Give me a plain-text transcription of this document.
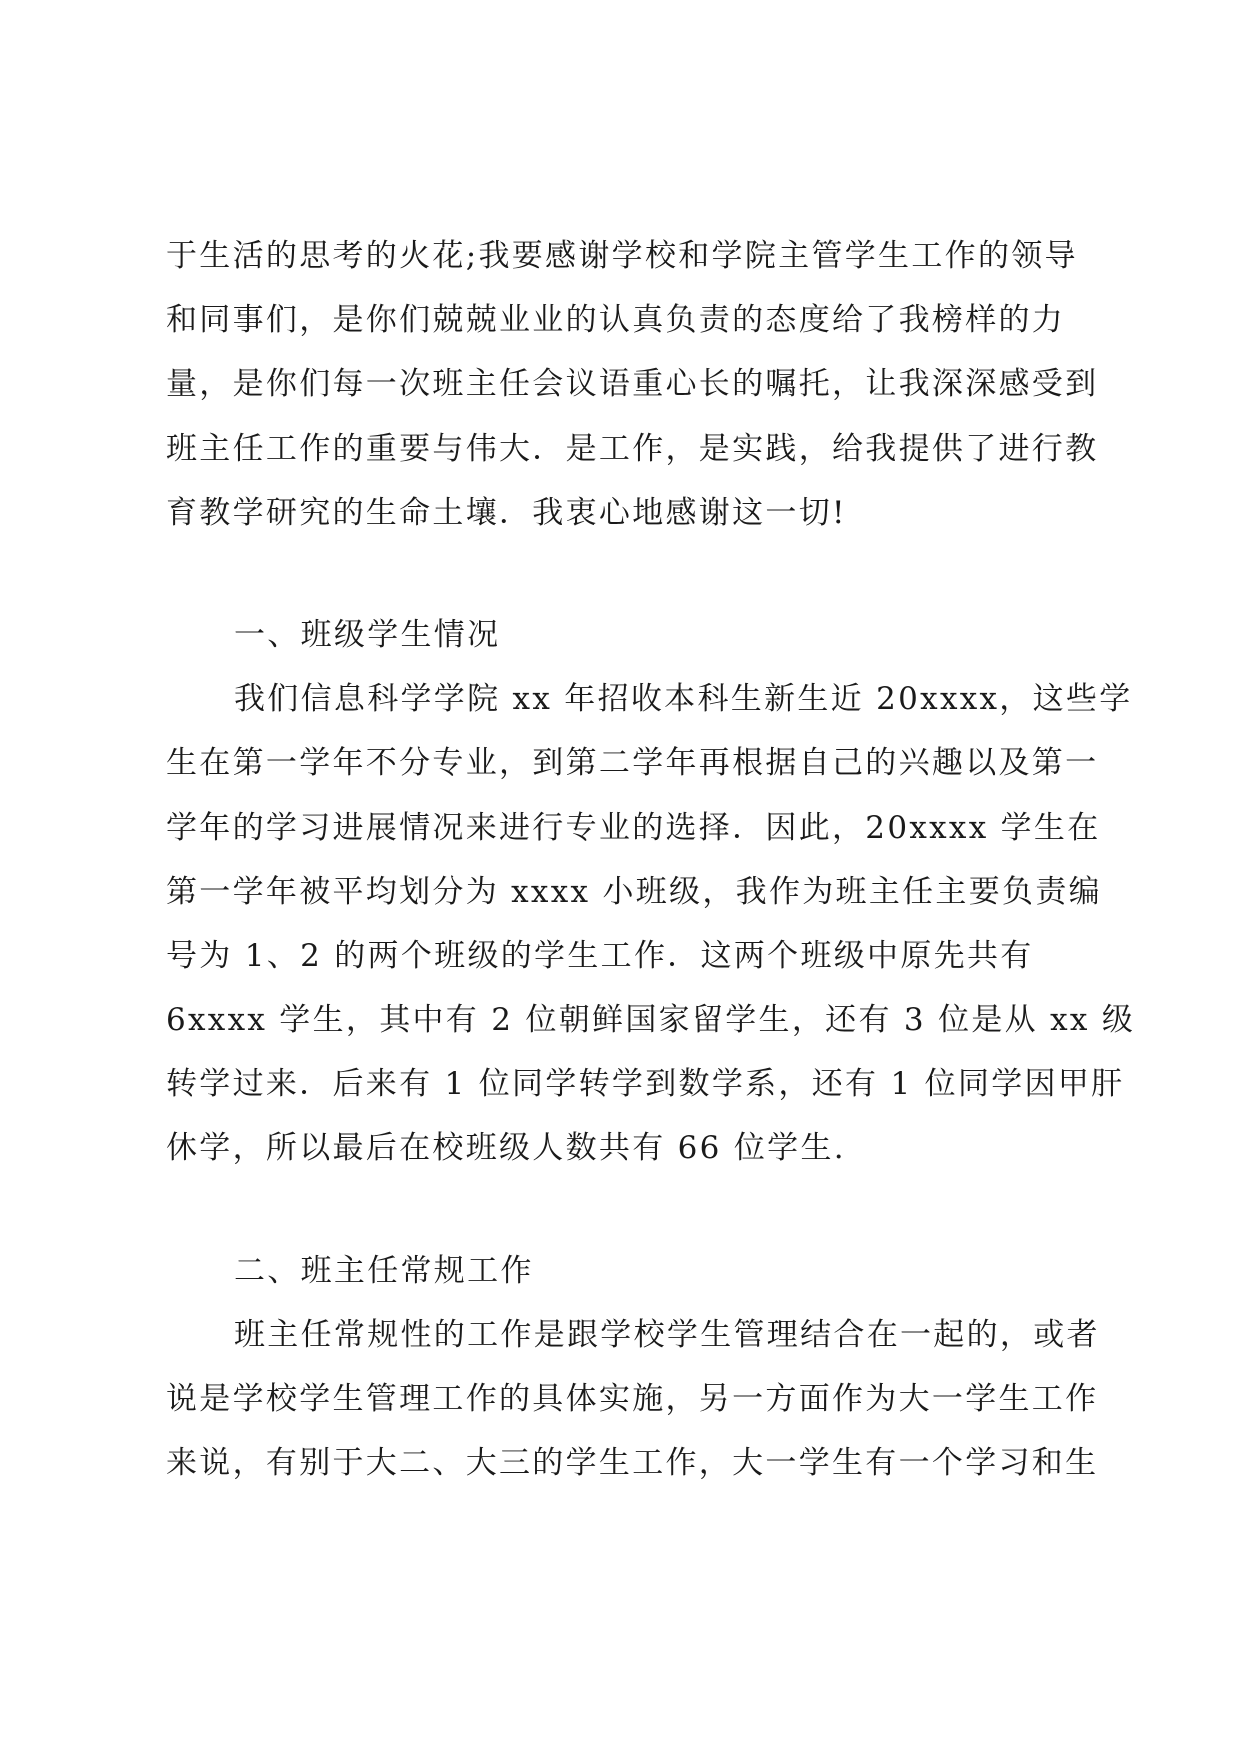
于生活的思考的火花;我要感谢学校和学院主管学生工作的领导
和同事们，是你们兢兢业业的认真负责的态度给了我榜样的力
量，是你们每一次班主任会议语重心长的嘱托，让我深深感受到
班主任工作的重要与伟大．是工作，是实践，给我提供了进行教
育教学研究的生命土壤．我衷心地感谢这一切!
一、班级学生情况
我们信息科学学院 xx 年招收本科生新生近 20xxxx，这些学
生在第一学年不分专业，到第二学年再根据自己的兴趣以及第一
学年的学习进展情况来进行专业的选择．因此，20xxxx 学生在
第一学年被平均划分为 xxxx 小班级，我作为班主任主要负责编
号为 1、2 的两个班级的学生工作．这两个班级中原先共有
6xxxx 学生，其中有 2 位朝鲜国家留学生，还有 3 位是从 xx 级
转学过来．后来有 1 位同学转学到数学系，还有 1 位同学因甲肝
休学，所以最后在校班级人数共有 66 位学生.
二、班主任常规工作
班主任常规性的工作是跟学校学生管理结合在一起的，或者
说是学校学生管理工作的具体实施，另一方面作为大一学生工作
来说，有别于大二、大三的学生工作，大一学生有一个学习和生
